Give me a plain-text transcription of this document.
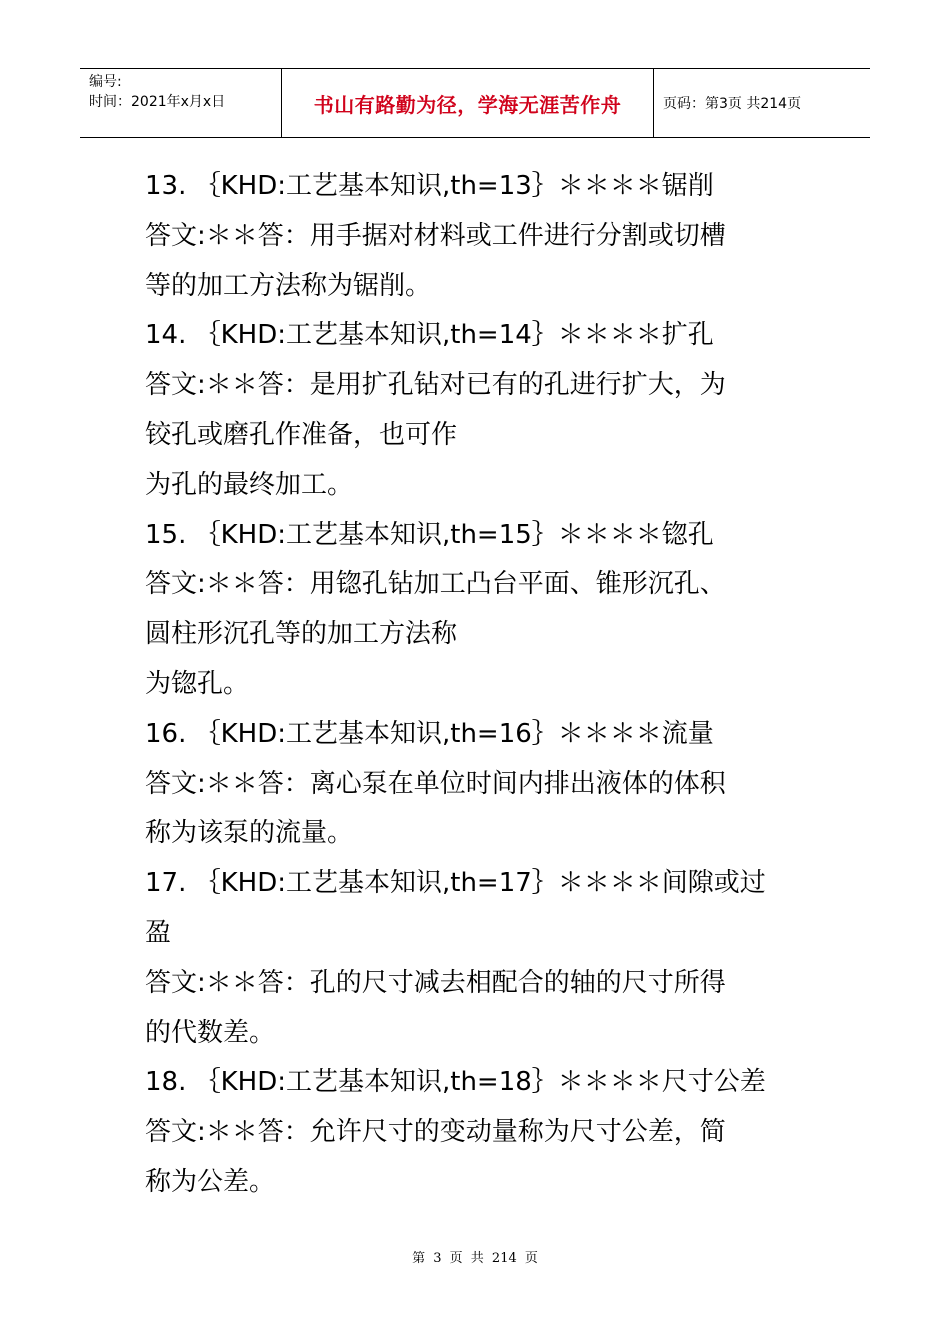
编号:
时间：2021年x月x日	书山有路勤为径，学海无涯苦作舟	页码：第3页 共214页

13. ｛KHD:工艺基本知识,th=13｝＊＊＊＊锯削

答文:＊＊答：用手据对材料或工件进行分割或切槽

等的加工方法称为锯削。

14. ｛KHD:工艺基本知识,th=14｝＊＊＊＊扩孔

答文:＊＊答：是用扩孔钻对已有的孔进行扩大，为

铰孔或磨孔作准备，也可作

为孔的最终加工。

15. ｛KHD:工艺基本知识,th=15｝＊＊＊＊锪孔

答文:＊＊答：用锪孔钻加工凸台平面、锥形沉孔、

圆柱形沉孔等的加工方法称

为锪孔。

16. ｛KHD:工艺基本知识,th=16｝＊＊＊＊流量

答文:＊＊答：离心泵在单位时间内排出液体的体积

称为该泵的流量。

17. ｛KHD:工艺基本知识,th=17｝＊＊＊＊间隙或过

盈

答文:＊＊答：孔的尺寸减去相配合的轴的尺寸所得

的代数差。

18. ｛KHD:工艺基本知识,th=18｝＊＊＊＊尺寸公差

答文:＊＊答：允许尺寸的变动量称为尺寸公差，简

称为公差。

第 3 页 共 214 页
